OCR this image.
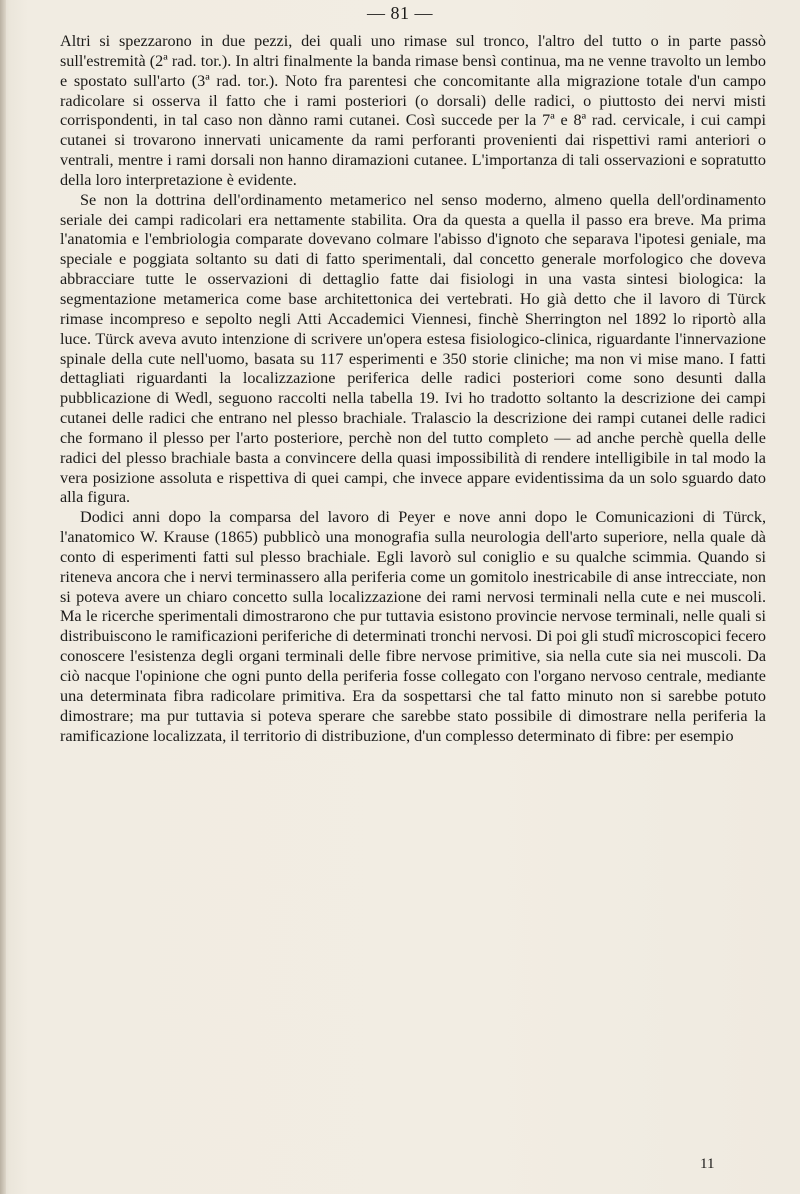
— 81 —

Altri si spezzarono in due pezzi, dei quali uno rimase sul tronco, l'altro del tutto o in parte passò sull'estremità (2ª rad. tor.). In altri finalmente la banda rimase bensì continua, ma ne venne travolto un lembo e spostato sull'arto (3ª rad. tor.). Noto fra parentesi che concomitante alla migrazione totale d'un campo radicolare si osserva il fatto che i rami posteriori (o dorsali) delle radici, o piuttosto dei nervi misti corrispondenti, in tal caso non dànno rami cutanei. Così succede per la 7ª e 8ª rad. cervicale, i cui campi cutanei si trovarono innervati unicamente da rami perforanti provenienti dai rispettivi rami anteriori o ventrali, mentre i rami dorsali non hanno diramazioni cutanee. L'importanza di tali osservazioni e sopratutto della loro interpretazione è evidente.

Se non la dottrina dell'ordinamento metamerico nel senso moderno, almeno quella dell'ordinamento seriale dei campi radicolari era nettamente stabilita. Ora da questa a quella il passo era breve. Ma prima l'anatomia e l'embriologia comparate dovevano colmare l'abisso d'ignoto che separava l'ipotesi geniale, ma speciale e poggiata soltanto su dati di fatto sperimentali, dal concetto generale morfologico che doveva abbracciare tutte le osservazioni di dettaglio fatte dai fisiologi in una vasta sintesi biologica: la segmentazione metamerica come base architettonica dei vertebrati. Ho già detto che il lavoro di Türck rimase incompreso e sepolto negli Atti Accademici Viennesi, finchè Sherrington nel 1892 lo riportò alla luce. Türck aveva avuto intenzione di scrivere un'opera estesa fisiologico-clinica, riguardante l'innervazione spinale della cute nell'uomo, basata su 117 esperimenti e 350 storie cliniche; ma non vi mise mano. I fatti dettagliati riguardanti la localizzazione periferica delle radici posteriori come sono desunti dalla pubblicazione di Wedl, seguono raccolti nella tabella 19. Ivi ho tradotto soltanto la descrizione dei campi cutanei delle radici che entrano nel plesso brachiale. Tralascio la descrizione dei rampi cutanei delle radici che formano il plesso per l'arto posteriore, perchè non del tutto completo — ad anche perchè quella delle radici del plesso brachiale basta a convincere della quasi impossibilità di rendere intelligibile in tal modo la vera posizione assoluta e rispettiva di quei campi, che invece appare evidentissima da un solo sguardo dato alla figura.

Dodici anni dopo la comparsa del lavoro di Peyer e nove anni dopo le Comunicazioni di Türck, l'anatomico W. Krause (1865) pubblicò una monografia sulla neurologia dell'arto superiore, nella quale dà conto di esperimenti fatti sul plesso brachiale. Egli lavorò sul coniglio e su qualche scimmia. Quando si riteneva ancora che i nervi terminassero alla periferia come un gomitolo inestricabile di anse intrecciate, non si poteva avere un chiaro concetto sulla localizzazione dei rami nervosi terminali nella cute e nei muscoli. Ma le ricerche sperimentali dimostrarono che pur tuttavia esistono provincie nervose terminali, nelle quali si distribuiscono le ramificazioni periferiche di determinati tronchi nervosi. Di poi gli studî microscopici fecero conoscere l'esistenza degli organi terminali delle fibre nervose primitive, sia nella cute sia nei muscoli. Da ciò nacque l'opinione che ogni punto della periferia fosse collegato con l'organo nervoso centrale, mediante una determinata fibra radicolare primitiva. Era da sospettarsi che tal fatto minuto non si sarebbe potuto dimostrare; ma pur tuttavia si poteva sperare che sarebbe stato possibile di dimostrare nella periferia la ramificazione localizzata, il territorio di distribuzione, d'un complesso determinato di fibre: per esempio

11
